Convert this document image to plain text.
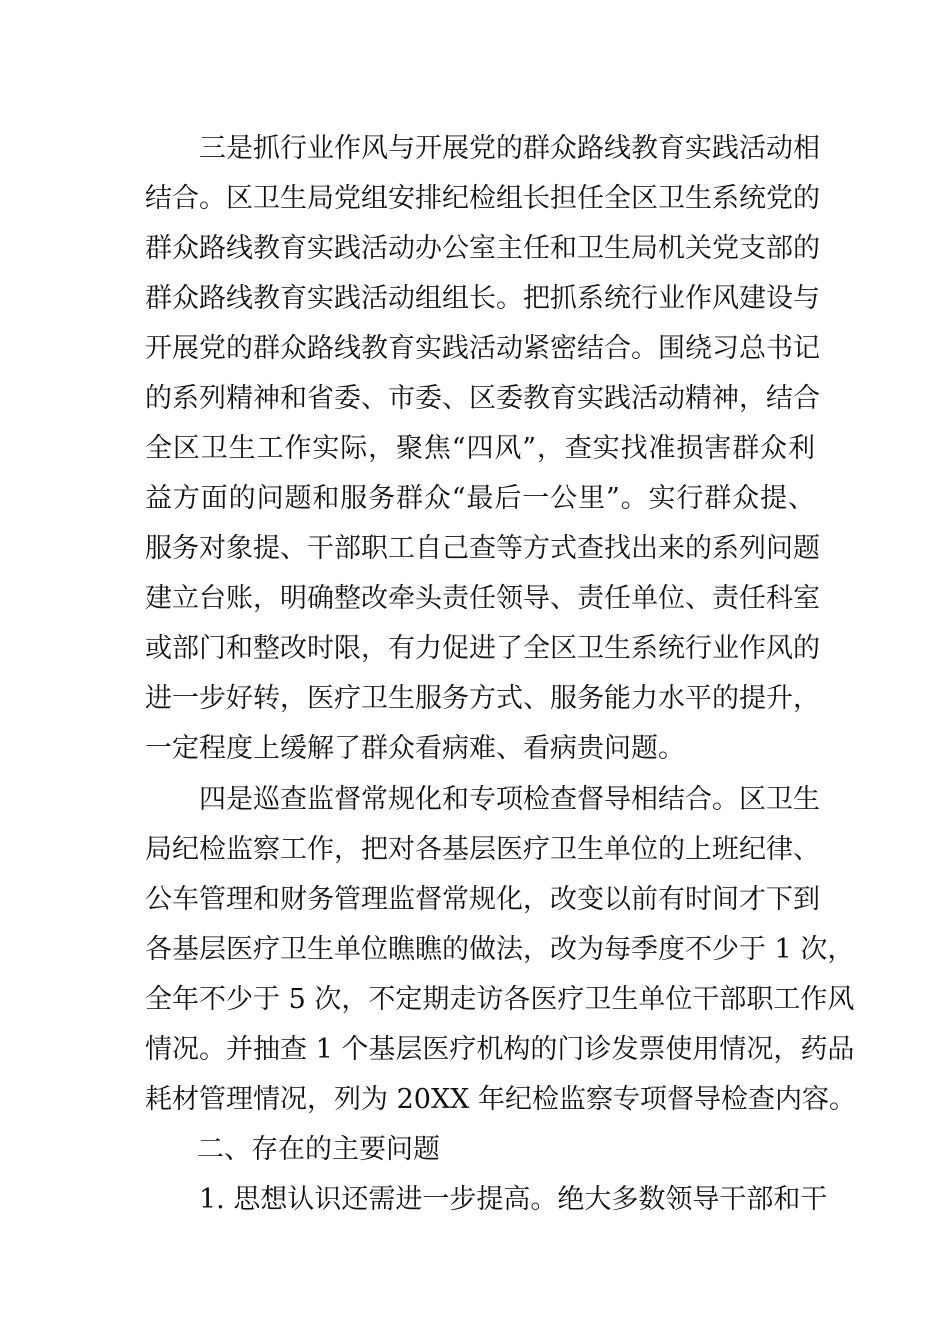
三是抓行业作风与开展党的群众路线教育实践活动相
结合。区卫生局党组安排纪检组长担任全区卫生系统党的
群众路线教育实践活动办公室主任和卫生局机关党支部的
群众路线教育实践活动组组长。把抓系统行业作风建设与
开展党的群众路线教育实践活动紧密结合。围绕习总书记
的系列精神和省委、市委、区委教育实践活动精神，结合
全区卫生工作实际，聚焦“四风”，查实找准损害群众利
益方面的问题和服务群众“最后一公里”。实行群众提、
服务对象提、干部职工自己查等方式查找出来的系列问题
建立台账，明确整改牵头责任领导、责任单位、责任科室
或部门和整改时限，有力促进了全区卫生系统行业作风的
进一步好转，医疗卫生服务方式、服务能力水平的提升，
一定程度上缓解了群众看病难、看病贵问题。
四是巡查监督常规化和专项检查督导相结合。区卫生
局纪检监察工作，把对各基层医疗卫生单位的上班纪律、
公车管理和财务管理监督常规化，改变以前有时间才下到
各基层医疗卫生单位瞧瞧的做法，改为每季度不少于 1 次，
全年不少于 5 次，不定期走访各医疗卫生单位干部职工作风
情况。并抽查 1 个基层医疗机构的门诊发票使用情况，药品
耗材管理情况，列为 20XX 年纪检监察专项督导检查内容。
二、存在的主要问题
1. 思想认识还需进一步提高。绝大多数领导干部和干
